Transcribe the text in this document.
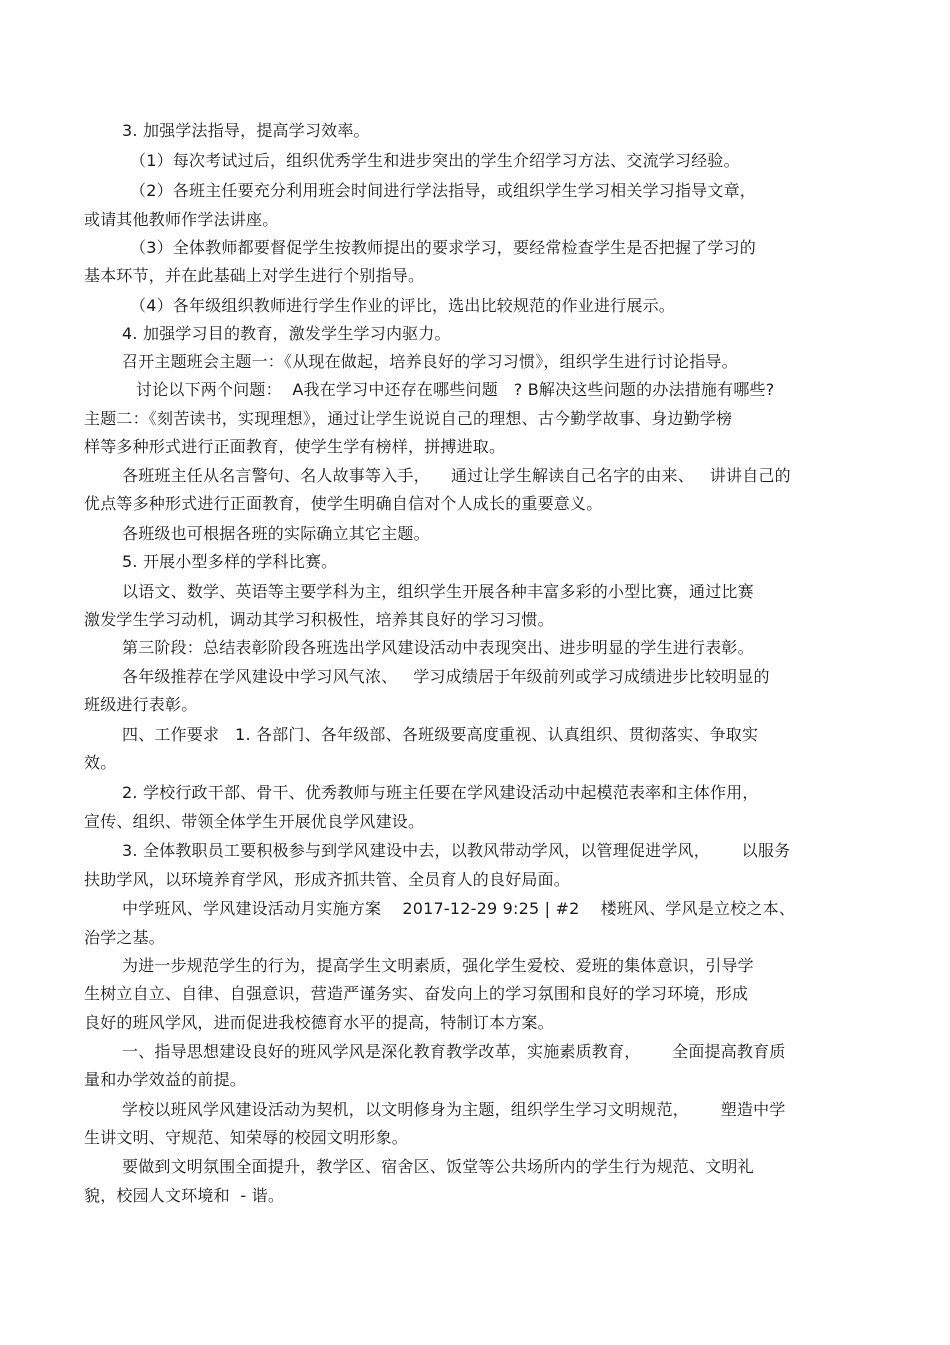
3. 加强学法指导，提高学习效率。
（1）每次考试过后，组织优秀学生和进步突出的学生介绍学习方法、交流学习经验。
（2）各班主任要充分利用班会时间进行学法指导，或组织学生学习相关学习指导文章，
或请其他教师作学法讲座。
（3）全体教师都要督促学生按教师提出的要求学习，要经常检查学生是否把握了学习的
基本环节，并在此基础上对学生进行个别指导。
（4）各年级组织教师进行学生作业的评比，选出比较规范的作业进行展示。
4. 加强学习目的教育，激发学生学习内驱力。
召开主题班会主题一：《从现在做起，培养良好的学习习惯》，组织学生进行讨论指导。
讨论以下两个问题：  A我在学习中还存在哪些问题   ? B解决这些问题的办法措施有哪些?
主题二：《刻苦读书，实现理想》，通过让学生说说自己的理想、古今勤学故事、身边勤学榜
样等多种形式进行正面教育，使学生学有榜样，拼搏进取。
各班班主任从名言警句、名人故事等入手，    通过让学生解读自己名字的由来、   讲讲自己的
优点等多种形式进行正面教育，使学生明确自信对个人成长的重要意义。
各班级也可根据各班的实际确立其它主题。
5. 开展小型多样的学科比赛。
以语文、数学、英语等主要学科为主，组织学生开展各种丰富多彩的小型比赛，通过比赛
激发学生学习动机，调动其学习积极性，培养其良好的学习习惯。
第三阶段：总结表彰阶段各班选出学风建设活动中表现突出、进步明显的学生进行表彰。
各年级推荐在学风建设中学习风气浓、   学习成绩居于年级前列或学习成绩进步比较明显的
班级进行表彰。
四、工作要求   1. 各部门、各年级部、各班级要高度重视、认真组织、贯彻落实、争取实
效。
2. 学校行政干部、骨干、优秀教师与班主任要在学风建设活动中起模范表率和主体作用，
宣传、组织、带领全体学生开展优良学风建设。
3. 全体教职员工要积极参与到学风建设中去，以教风带动学风，以管理促进学风，      以服务
扶助学风，以环境养育学风，形成齐抓共管、全员育人的良好局面。
中学班风、学风建设活动月实施方案    2017-12-29 9:25 | #2    楼班风、学风是立校之本、
治学之基。
为进一步规范学生的行为，提高学生文明素质，强化学生爱校、爱班的集体意识，引导学
生树立自立、自律、自强意识，营造严谨务实、奋发向上的学习氛围和良好的学习环境，形成
良好的班风学风，进而促进我校德育水平的提高，特制订本方案。
一、指导思想建设良好的班风学风是深化教育教学改革，实施素质教育，      全面提高教育质
量和办学效益的前提。
学校以班风学风建设活动为契机，以文明修身为主题，组织学生学习文明规范，      塑造中学
生讲文明、守规范、知荣辱的校园文明形象。
要做到文明氛围全面提升，教学区、宿舍区、饭堂等公共场所内的学生行为规范、文明礼
貌，校园人文环境和  - 谐。
